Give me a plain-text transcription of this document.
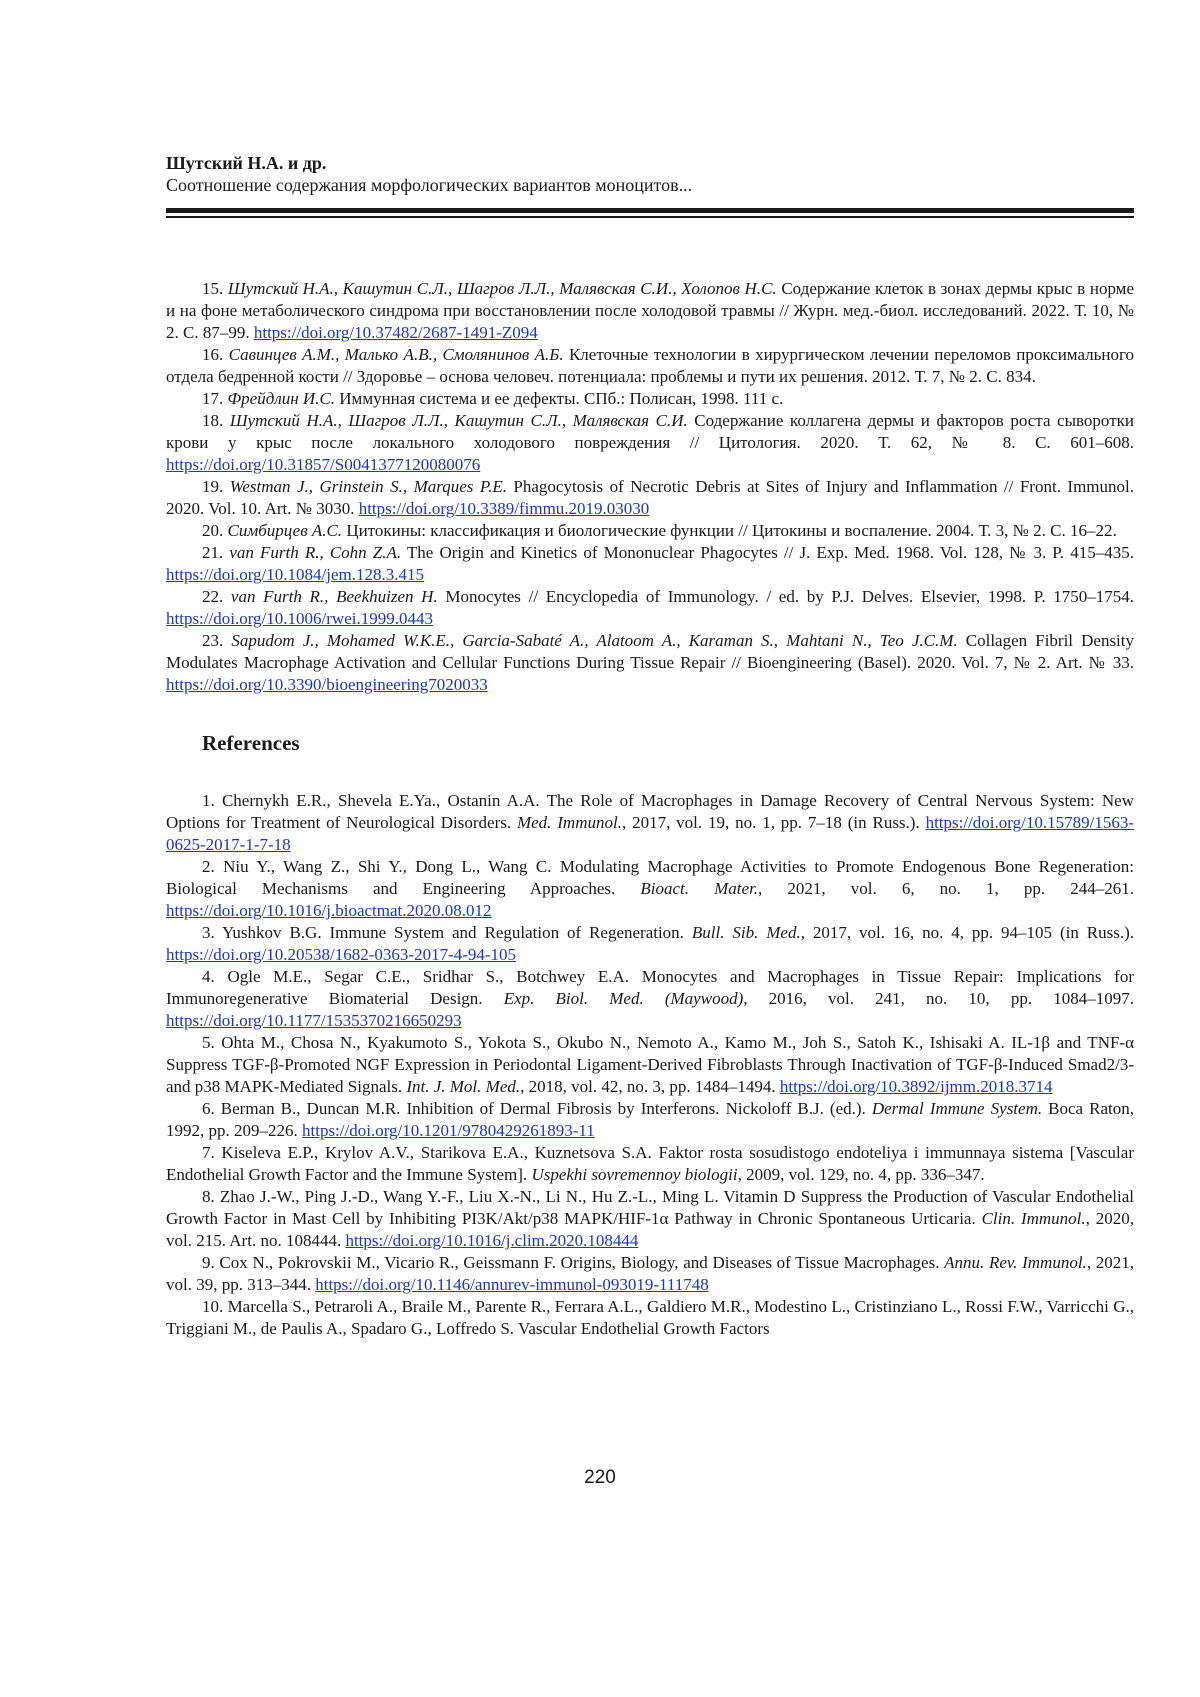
Шутский Н.А. и др.
Соотношение содержания морфологических вариантов моноцитов...

15. Шутский Н.А., Кашутин С.Л., Шагров Л.Л., Малявская С.И., Холопов Н.С. Содержание клеток в зонах дермы крыс в норме и на фоне метаболического синдрома при восстановлении после холодовой травмы // Журн. мед.-биол. исследований. 2022. Т. 10, № 2. С. 87–99. https://doi.org/10.37482/2687-1491-Z094

16. Савинцев А.М., Малько А.В., Смолянинов А.Б. Клеточные технологии в хирургическом лечении переломов проксимального отдела бедренной кости // Здоровье – основа человеч. потенциала: проблемы и пути их решения. 2012. Т. 7, № 2. С. 834.

17. Фрейдлин И.С. Иммунная система и ее дефекты. СПб.: Полисан, 1998. 111 с.

18. Шутский Н.А., Шагров Л.Л., Кашутин С.Л., Малявская С.И. Содержание коллагена дермы и факторов роста сыворотки крови у крыс после локального холодового повреждения // Цитология. 2020. Т. 62, № 8. С. 601–608. https://doi.org/10.31857/S0041377120080076

19. Westman J., Grinstein S., Marques P.E. Phagocytosis of Necrotic Debris at Sites of Injury and Inflammation // Front. Immunol. 2020. Vol. 10. Art. № 3030. https://doi.org/10.3389/fimmu.2019.03030

20. Симбирцев А.С. Цитокины: классификация и биологические функции // Цитокины и воспаление. 2004. Т. 3, № 2. С. 16–22.

21. van Furth R., Cohn Z.A. The Origin and Kinetics of Mononuclear Phagocytes // J. Exp. Med. 1968. Vol. 128, № 3. P. 415–435. https://doi.org/10.1084/jem.128.3.415

22. van Furth R., Beekhuizen H. Monocytes // Encyclopedia of Immunology. / ed. by P.J. Delves. Elsevier, 1998. P. 1750–1754. https://doi.org/10.1006/rwei.1999.0443

23. Sapudom J., Mohamed W.K.E., Garcia-Sabaté A., Alatoom A., Karaman S., Mahtani N., Teo J.C.M. Collagen Fibril Density Modulates Macrophage Activation and Cellular Functions During Tissue Repair // Bioengineering (Basel). 2020. Vol. 7, № 2. Art. № 33. https://doi.org/10.3390/bioengineering7020033

References

1. Chernykh E.R., Shevela E.Ya., Ostanin A.A. The Role of Macrophages in Damage Recovery of Central Nervous System: New Options for Treatment of Neurological Disorders. Med. Immunol., 2017, vol. 19, no. 1, pp. 7–18 (in Russ.). https://doi.org/10.15789/1563-0625-2017-1-7-18

2. Niu Y., Wang Z., Shi Y., Dong L., Wang C. Modulating Macrophage Activities to Promote Endogenous Bone Regeneration: Biological Mechanisms and Engineering Approaches. Bioact. Mater., 2021, vol. 6, no. 1, pp. 244–261. https://doi.org/10.1016/j.bioactmat.2020.08.012

3. Yushkov B.G. Immune System and Regulation of Regeneration. Bull. Sib. Med., 2017, vol. 16, no. 4, pp. 94–105 (in Russ.). https://doi.org/10.20538/1682-0363-2017-4-94-105

4. Ogle M.E., Segar C.E., Sridhar S., Botchwey E.A. Monocytes and Macrophages in Tissue Repair: Implications for Immunoregenerative Biomaterial Design. Exp. Biol. Med. (Maywood), 2016, vol. 241, no. 10, pp. 1084–1097. https://doi.org/10.1177/1535370216650293

5. Ohta M., Chosa N., Kyakumoto S., Yokota S., Okubo N., Nemoto A., Kamo M., Joh S., Satoh K., Ishisaki A. IL-1β and TNF-α Suppress TGF-β-Promoted NGF Expression in Periodontal Ligament-Derived Fibroblasts Through Inactivation of TGF-β-Induced Smad2/3- and p38 MAPK-Mediated Signals. Int. J. Mol. Med., 2018, vol. 42, no. 3, pp. 1484–1494. https://doi.org/10.3892/ijmm.2018.3714

6. Berman B., Duncan M.R. Inhibition of Dermal Fibrosis by Interferons. Nickoloff B.J. (ed.). Dermal Immune System. Boca Raton, 1992, pp. 209–226. https://doi.org/10.1201/9780429261893-11

7. Kiseleva E.P., Krylov A.V., Starikova E.A., Kuznetsova S.A. Faktor rosta sosudistogo endoteliya i immunnaya sistema [Vascular Endothelial Growth Factor and the Immune System]. Uspekhi sovremennoy biologii, 2009, vol. 129, no. 4, pp. 336–347.

8. Zhao J.-W., Ping J.-D., Wang Y.-F., Liu X.-N., Li N., Hu Z.-L., Ming L. Vitamin D Suppress the Production of Vascular Endothelial Growth Factor in Mast Cell by Inhibiting PI3K/Akt/p38 MAPK/HIF-1α Pathway in Chronic Spontaneous Urticaria. Clin. Immunol., 2020, vol. 215. Art. no. 108444. https://doi.org/10.1016/j.clim.2020.108444

9. Cox N., Pokrovskii M., Vicario R., Geissmann F. Origins, Biology, and Diseases of Tissue Macrophages. Annu. Rev. Immunol., 2021, vol. 39, pp. 313–344. https://doi.org/10.1146/annurev-immunol-093019-111748

10. Marcella S., Petraroli A., Braile M., Parente R., Ferrara A.L., Galdiero M.R., Modestino L., Cristinziano L., Rossi F.W., Varricchi G., Triggiani M., de Paulis A., Spadaro G., Loffredo S. Vascular Endothelial Growth Factors

220
